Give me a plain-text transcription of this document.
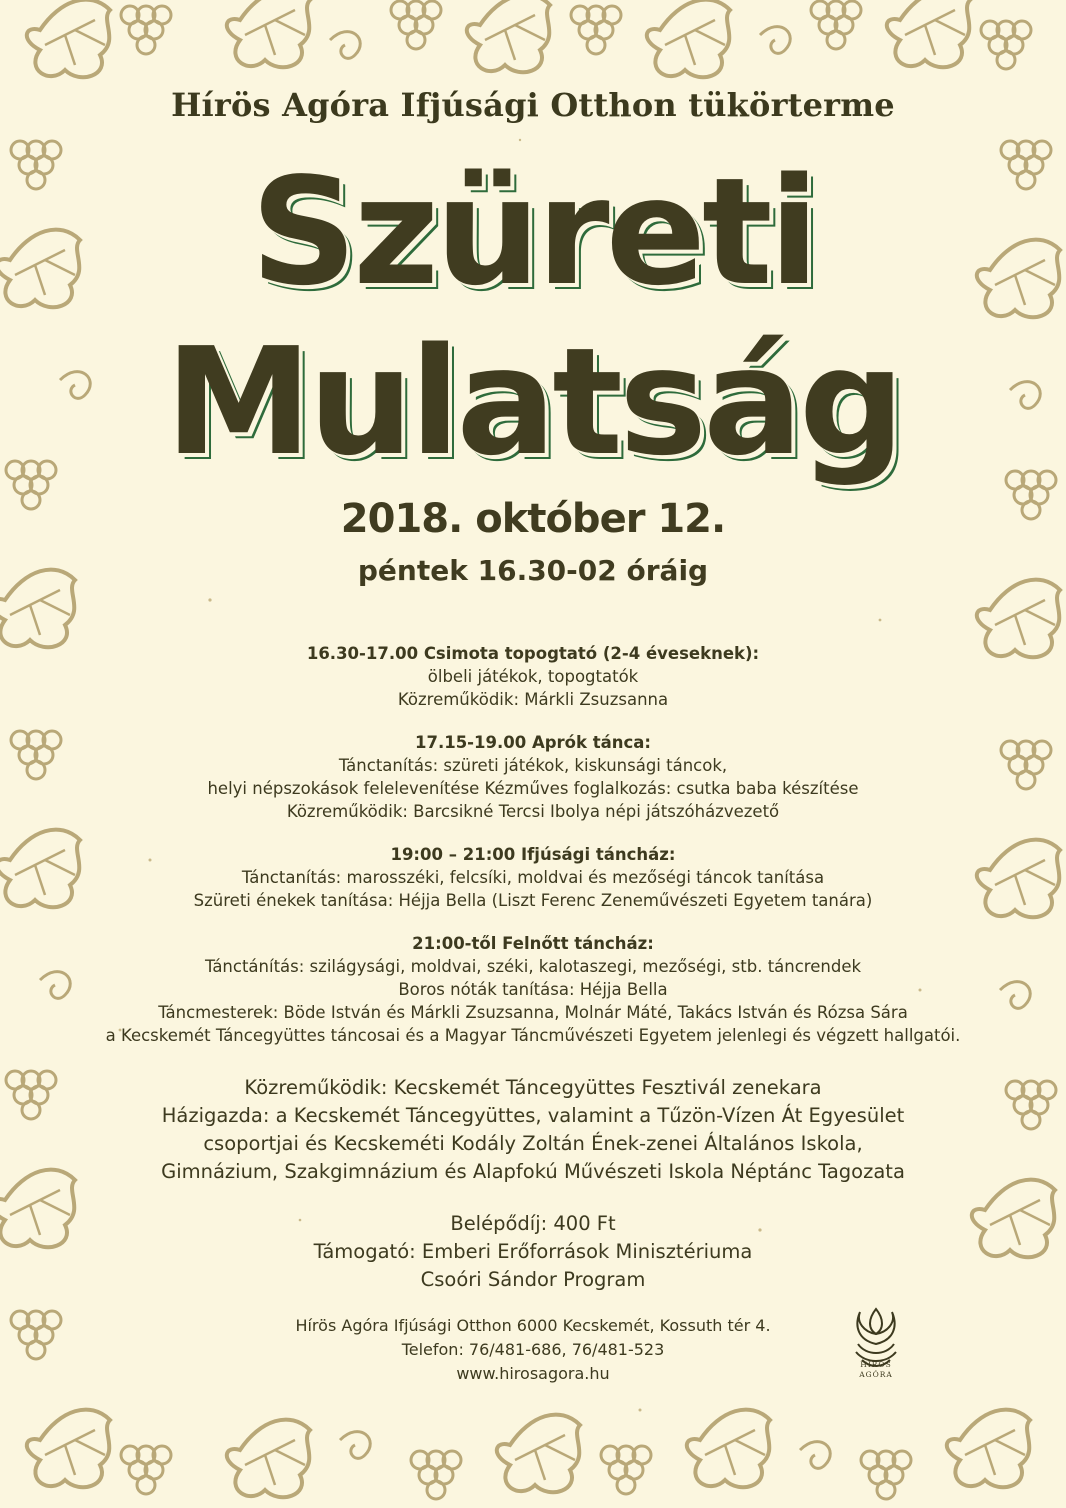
Hírös Agóra Ifjúsági Otthon tükörterme
Szüreti
Mulatság
2018. október 12.
péntek 16.30-02 óráig
16.30-17.00 Csimota topogtató (2-4 éveseknek):
ölbeli játékok, topogtatók
Közreműködik: Márkli Zsuzsanna
17.15-19.00 Aprók tánca:
Tánctanítás: szüreti játékok, kiskunsági táncok,
helyi népszokások felelevenítése Kézműves foglalkozás: csutka baba készítése
Közreműködik: Barcsikné Tercsi Ibolya népi játszóházvezető
19:00 – 21:00 Ifjúsági táncház:
Tánctanítás: marosszéki, felcsíki, moldvai és mezőségi táncok tanítása
Szüreti énekek tanítása: Héjja Bella (Liszt Ferenc Zeneművészeti Egyetem tanára)
21:00-től Felnőtt táncház:
Tánctánítás: szilágysági, moldvai, széki, kalotaszegi, mezőségi, stb. táncrendek
Boros nóták tanítása: Héjja Bella
Táncmesterek: Böde István és Márkli Zsuzsanna, Molnár Máté, Takács István és Rózsa Sára
a Kecskemét Táncegyüttes táncosai és a Magyar Táncművészeti Egyetem jelenlegi és végzett hallgatói.
Közreműködik: Kecskemét Táncegyüttes Fesztivál zenekara
Házigazda: a Kecskemét Táncegyüttes, valamint a Tűzön-Vízen Át Egyesület
csoportjai és Kecskeméti Kodály Zoltán Ének-zenei Általános Iskola,
Gimnázium, Szakgimnázium és Alapfokú Művészeti Iskola Néptánc Tagozata
Belépődíj: 400 Ft
Támogató: Emberi Erőforrások Minisztériuma
Csoóri Sándor Program
Hírös Agóra Ifjúsági Otthon 6000 Kecskemét, Kossuth tér 4.
Telefon: 76/481-686, 76/481-523
www.hirosagora.hu	HÍRÖS
AGÓRA
